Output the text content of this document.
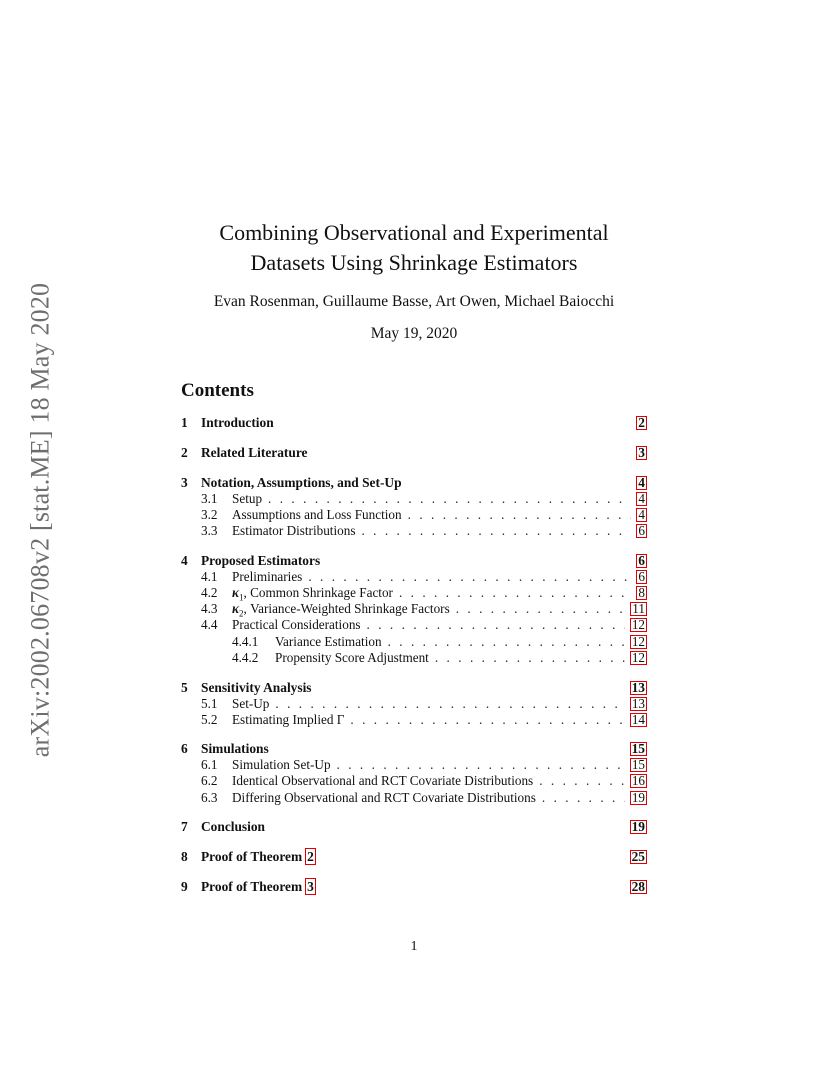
arXiv:2002.06708v2 [stat.ME] 18 May 2020
Combining Observational and Experimental
Datasets Using Shrinkage Estimators
Evan Rosenman, Guillaume Basse, Art Owen, Michael Baiocchi
May 19, 2020
Contents
1 Introduction	2
2 Related Literature	3
3 Notation, Assumptions, and Set-Up	4
3.1	Setup . . .	4
3.2	Assumptions and Loss Function . . .	4
3.3	Estimator Distributions . . .	6
4 Proposed Estimators	6
4.1	Preliminaries . . .	6
4.2	$\kappa_1$, Common Shrinkage Factor . . .	8
4.3	$\kappa_2$, Variance-Weighted Shrinkage Factors . . .	11
4.4	Practical Considerations . . .	12
4.4.1	Variance Estimation . . .	12
4.4.2	Propensity Score Adjustment . . .	12
5 Sensitivity Analysis	13
5.1	Set-Up . . .	13
5.2	Estimating Implied Γ . . .	14
6 Simulations	15
6.1	Simulation Set-Up . . .	15
6.2	Identical Observational and RCT Covariate Distributions . . .	16
6.3	Differing Observational and RCT Covariate Distributions . . .	19
7 Conclusion	19
8 Proof of Theorem 2	25
9 Proof of Theorem 3	28
1
